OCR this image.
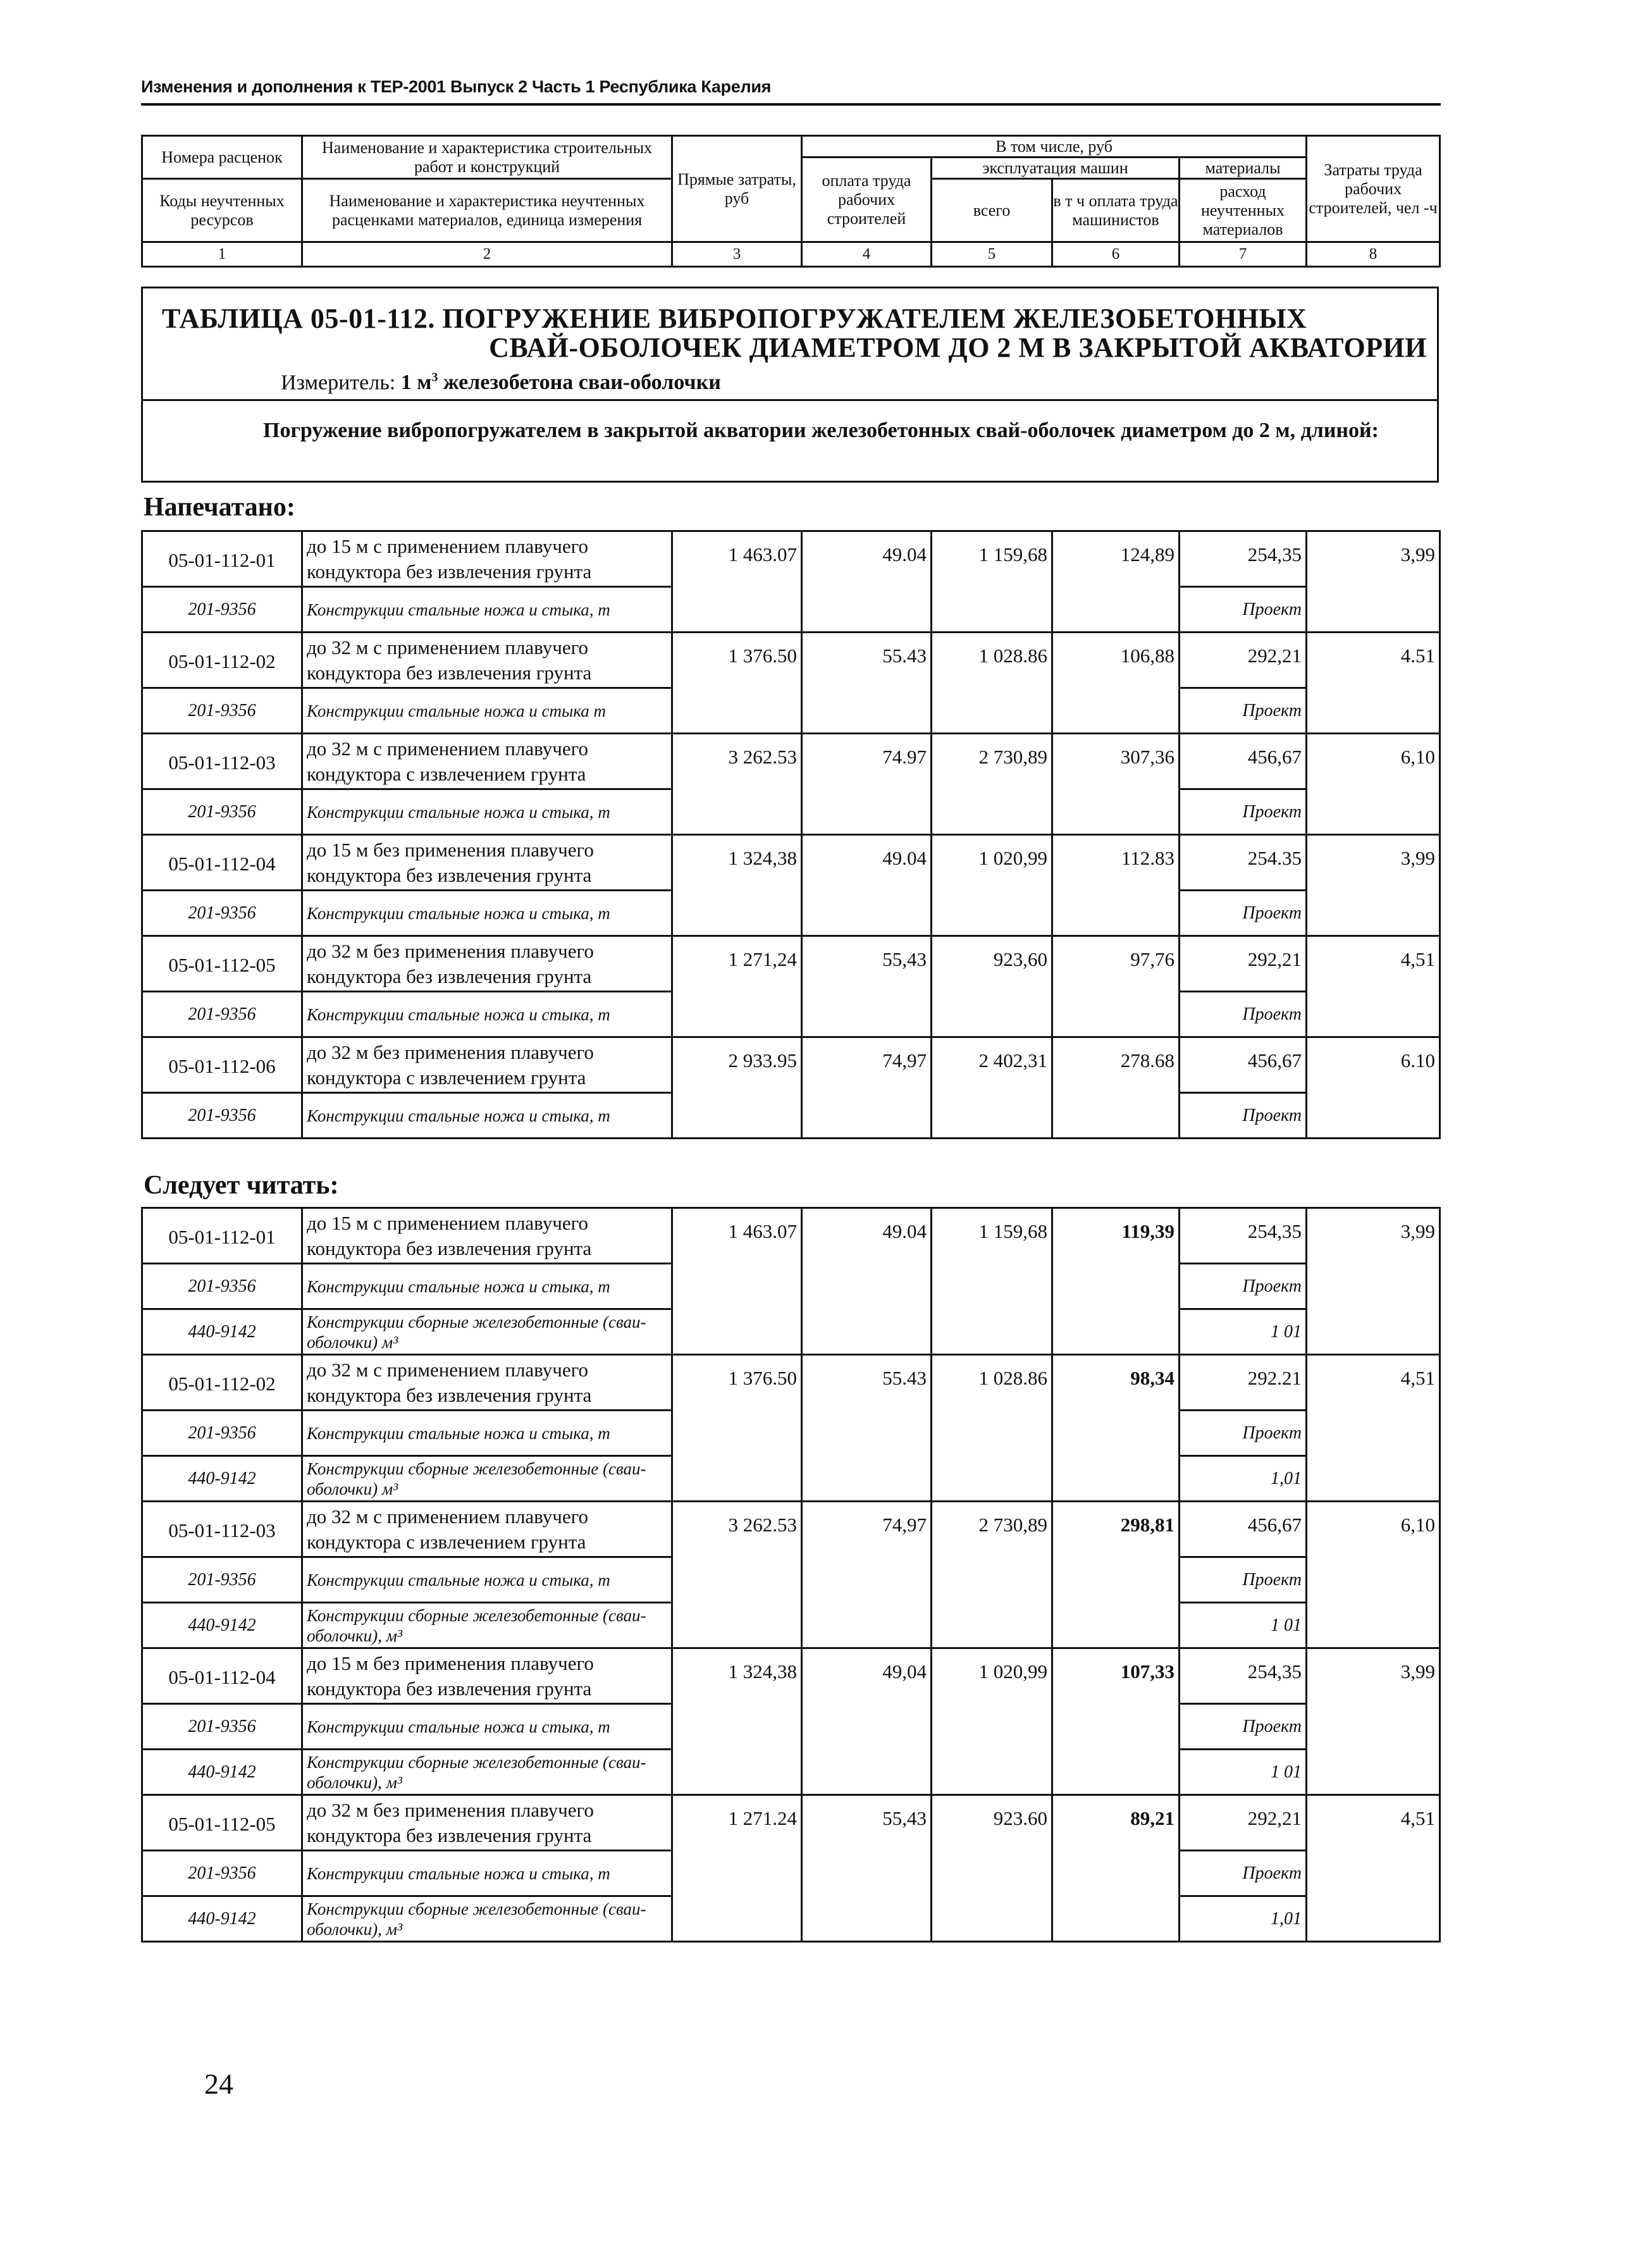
Изменения и дополнения к ТЕР-2001 Выпуск 2 Часть 1 Республика Карелия
Номера расценок	Наименование и характеристика строительных работ и конструкций	Прямые затраты, руб	В том числе, руб				Затраты труда рабочих строителей, чел -ч
			оплата труда рабочих строителей	эксплуатация машин		материалы	
Коды неучтенных ресурсов	Наименование и характеристика неучтенных расценками материалов, единица измерения			всего	в т ч оплата труда машинистов	расход неучтенных материалов	

1	2	3	4	5	6	7	8
ТАБЛИЦА 05-01-112. ПОГРУЖЕНИЕ ВИБРОПОГРУЖАТЕЛЕМ ЖЕЛЕЗОБЕТОННЫХ
СВАЙ-ОБОЛОЧЕК ДИАМЕТРОМ ДО 2 М В ЗАКРЫТОЙ АКВАТОРИИ
Измеритель: 1 $м^3$ железобетона сваи-оболочки
Погружение вибропогружателем в закрытой акватории железобетонных свай-оболочек диаметром до 2 м, длиной:
Напечатано:
05-01-112-01	до 15 м с применением плавучего кондуктора без извлечения грунта	1 463.07	49.04	1 159,68	124,89	254,35	3,99
201-9356	Конструкции стальные ножа и стыка, т					Проект	
05-01-112-02	до 32 м с применением плавучего кондуктора без извлечения грунта	1 376.50	55.43	1 028.86	106,88	292,21	4.51
201-9356	Конструкции стальные ножа и стыка т					Проект	
05-01-112-03	до 32 м с применением плавучего кондуктора с извлечением грунта	3 262.53	74.97	2 730,89	307,36	456,67	6,10
201-9356	Конструкции стальные ножа и стыка, т					Проект	
05-01-112-04	до 15 м без применения плавучего кондуктора без извлечения грунта	1 324,38	49.04	1 020,99	112.83	254.35	3,99
201-9356	Конструкции стальные ножа и стыка, т					Проект	
05-01-112-05	до 32 м без применения плавучего кондуктора без извлечения грунта	1 271,24	55,43	923,60	97,76	292,21	4,51
201-9356	Конструкции стальные ножа и стыка, т					Проект	
05-01-112-06	до 32 м без применения плавучего кондуктора с извлечением грунта	2 933.95	74,97	2 402,31	278.68	456,67	6.10
201-9356	Конструкции стальные ножа и стыка, т					Проект	
Следует читать:
05-01-112-01	до 15 м с применением плавучего кондуктора без извлечения грунта	1 463.07	49.04	1 159,68	119,39	254,35	3,99
201-9356	Конструкции стальные ножа и стыка, т					Проект	
440-9142	Конструкции сборные железобетонные (сваи-оболочки) м³					1 01	
05-01-112-02	до 32 м с применением плавучего кондуктора без извлечения грунта	1 376.50	55.43	1 028.86	98,34	292.21	4,51
201-9356	Конструкции стальные ножа и стыка, т					Проект	
440-9142	Конструкции сборные железобетонные (сваи-оболочки) м³					1,01	
05-01-112-03	до 32 м с применением плавучего кондуктора с извлечением грунта	3 262.53	74,97	2 730,89	298,81	456,67	6,10
201-9356	Конструкции стальные ножа и стыка, т					Проект	
440-9142	Конструкции сборные железобетонные (сваи-оболочки), м³					1 01	
05-01-112-04	до 15 м без применения плавучего кондуктора без извлечения грунта	1 324,38	49,04	1 020,99	107,33	254,35	3,99
201-9356	Конструкции стальные ножа и стыка, т					Проект	
440-9142	Конструкции сборные железобетонные (сваи-оболочки), м³					1 01	
05-01-112-05	до 32 м без применения плавучего кондуктора без извлечения грунта	1 271.24	55,43	923.60	89,21	292,21	4,51
201-9356	Конструкции стальные ножа и стыка, т					Проект	
440-9142	Конструкции сборные железобетонные (сваи-оболочки), м³					1,01	
24
